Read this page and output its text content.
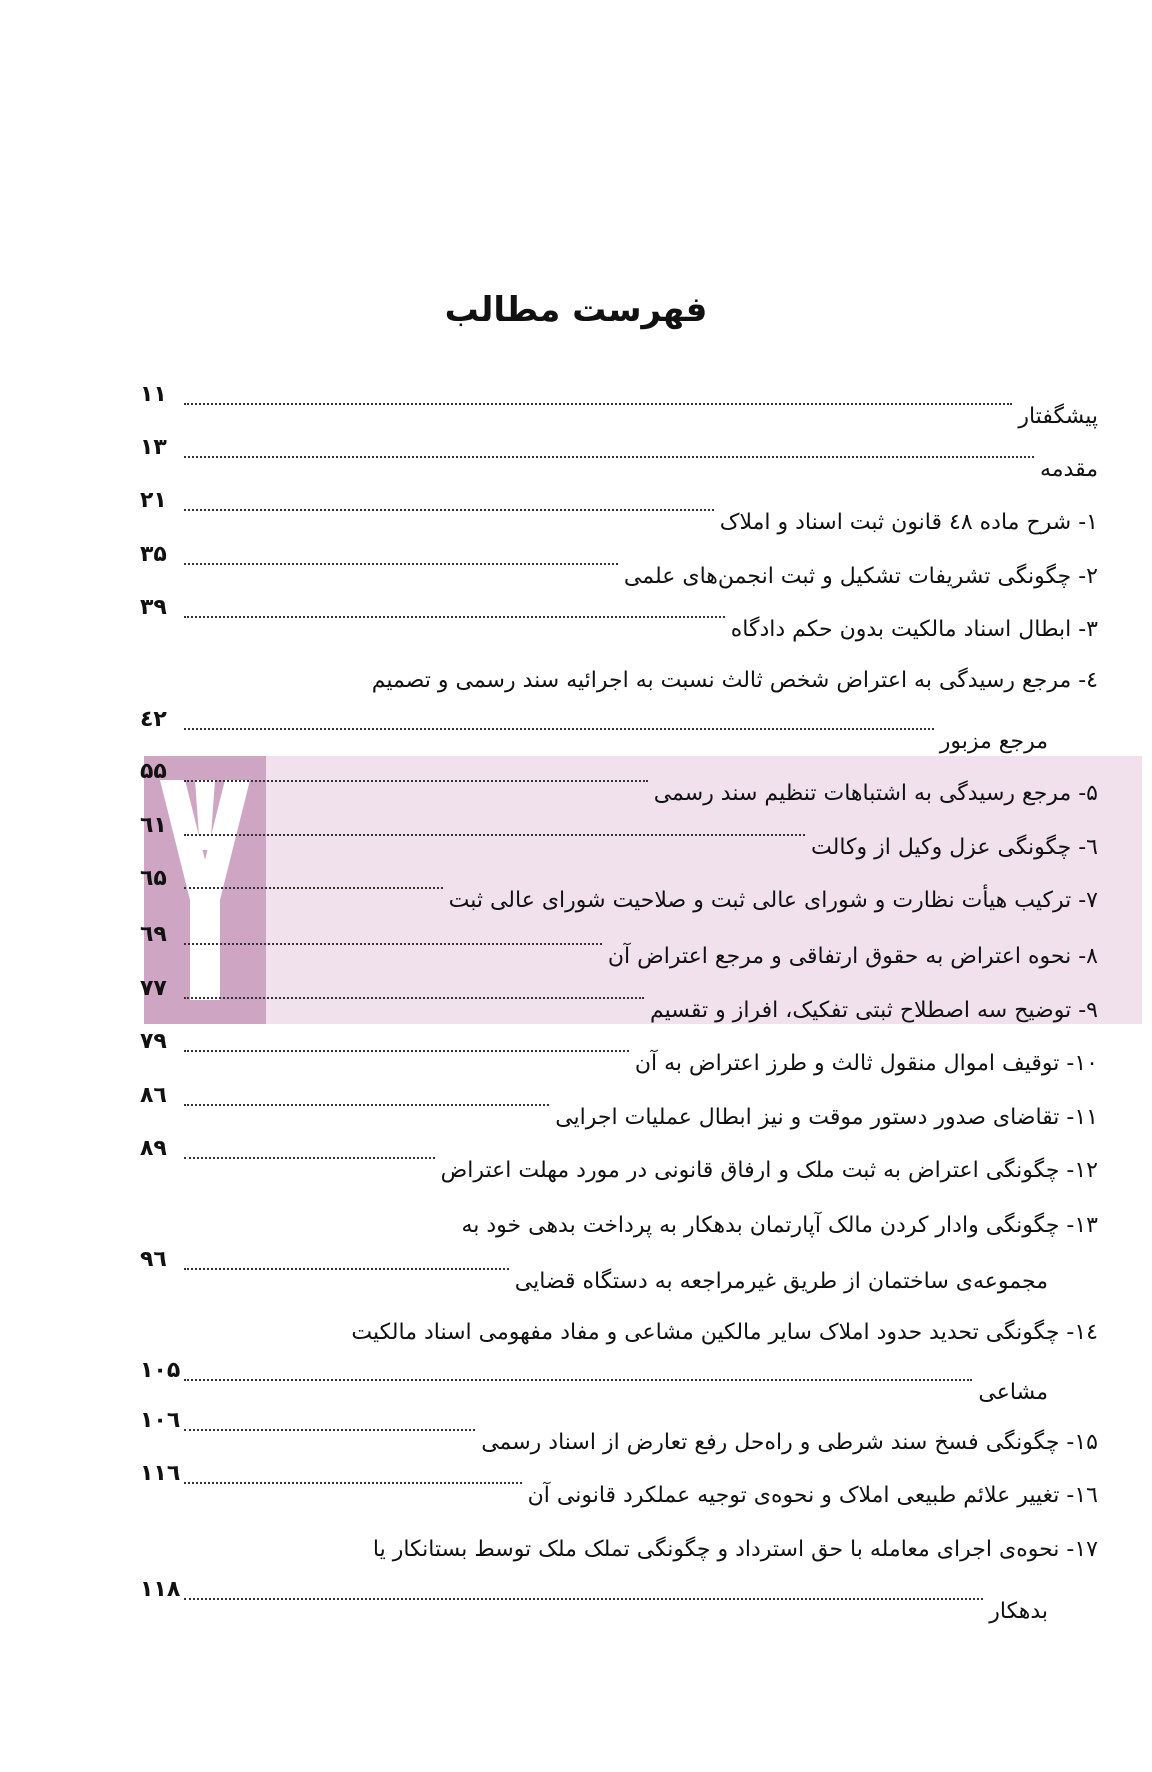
فهرست مطالب
پیشگفتار
۱۱
مقدمه
۱۳
۱- شرح ماده ٤۸ قانون ثبت اسناد و املاک
۲۱
۲- چگونگی تشریفات تشکیل و ثبت انجمن‌های علمی
۳۵
۳- ابطال اسناد مالکیت بدون حکم دادگاه
۳۹
٤- مرجع رسیدگی به اعتراض شخص ثالث نسبت به اجرائیه سند رسمی و تصمیم
مرجع مزبور
٤۲
۵- مرجع رسیدگی به اشتباهات تنظیم سند رسمی
۵۵
٦- چگونگی عزل وکیل از وکالت
٦۱
۷- ترکیب هیأت نظارت و شورای عالی ثبت و صلاحیت شورای عالی ثبت
٦۵
۸- نحوه اعتراض به حقوق ارتفاقی و مرجع اعتراض آن
٦۹
۹- توضیح سه اصطلاح ثبتی تفکیک، افراز و تقسیم
۷۷
۱۰- توقیف اموال منقول ثالث و طرز اعتراض به آن
۷۹
۱۱- تقاضای صدور دستور موقت و نیز ابطال عملیات اجرایی
۸٦
۱۲- چگونگی اعتراض به ثبت ملک و ارفاق قانونی در مورد مهلت اعتراض
۸۹
۱۳- چگونگی وادار کردن مالک آپارتمان بدهکار به پرداخت بدهی خود به
مجموعه‌ی ساختمان از طریق غیرمراجعه به دستگاه قضایی
۹٦
۱٤- چگونگی تحدید حدود املاک سایر مالکین مشاعی و مفاد مفهومی اسناد مالکیت
مشاعی
۱۰۵
۱۵- چگونگی فسخ سند شرطی و راه‌حل رفع تعارض از اسناد رسمی
۱۰٦
۱٦- تغییر علائم طبیعی املاک و نحوه‌ی توجیه عملکرد قانونی آن
۱۱٦
۱۷- نحوه‌ی اجرای معامله با حق استرداد و چگونگی تملک ملک توسط بستانکار یا
بدهکار
۱۱۸
